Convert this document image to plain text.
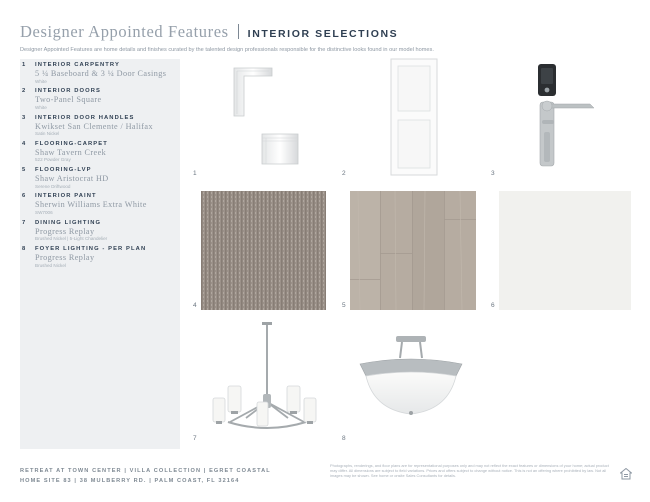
Designer Appointed Features INTERIOR SELECTIONS
Designer Appointed Features are home details and finishes curated by the talented design professionals responsible for the distinctive looks found in our model homes.
1	INTERIOR CARPENTRY
5 ¼ Baseboard & 3 ¼ Door Casings
White
2	INTERIOR DOORS
Two-Panel Square
White
3	INTERIOR DOOR HANDLES
Kwikset San Clemente / Halifax
Satin Nickel
4	FLOORING-CARPET
Shaw Tavern Creek
522 Powder Gray
5	FLOORING-LVP
Shaw Aristocrat HD
Serene Driftwood
6	INTERIOR PAINT
Sherwin Williams Extra White
SW7006
7	DINING LIGHTING
Progress Replay
Brushed Nickel | 5-Light Chandelier
8	FOYER LIGHTING - PER PLAN
Progress Replay
Brushed Nickel
1	2	3
4	5	6
7	8
RETREAT AT TOWN CENTER | VILLA COLLECTION | EGRET COASTAL
HOME SITE 83 | 38 MULBERRY RD. | PALM COAST, FL 32164
Photographs, renderings, and floor plans are for representational purposes only and may not reflect the exact features or dimensions of your home; actual product may differ. All dimensions are subject to field variations. Prices and offers subject to change without notice. This is not an offering where prohibited by law. Not all images may be shown. See home or onsite Sales Consultants for details.
